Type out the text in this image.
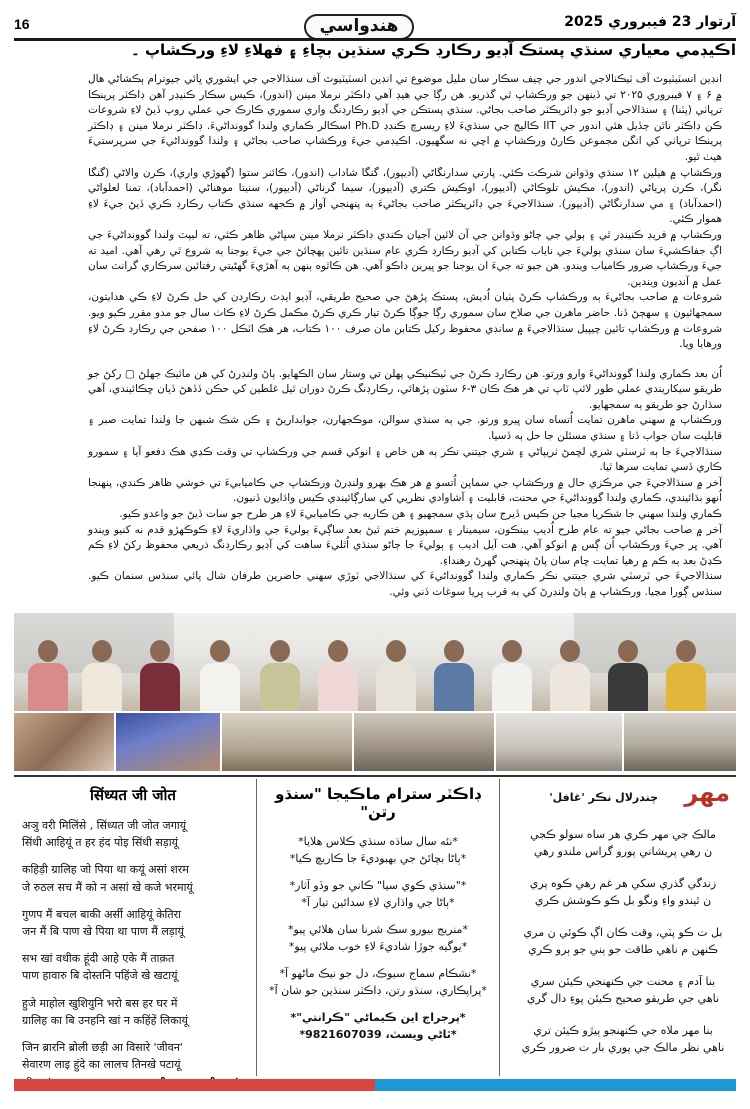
16	هندواسي	آرتوار 23 فيبروري 2025
اڪيڊمي معياري سنڌي پستڪ آڊيو رڪارڊ ڪري سنڌين بچاءِ ۽ فهلاءِ لاءِ ورڪشاپ ۔

انڊين انسٽيٽيوٽ آف ٽيڪنالاجي اندور جي چيف سڪار سان مليل موضوع تي انڊين انسٽيٽيوٽ آف سنڌالاجي جي ايشوري ڀائي جيوترام ٻڪشاڻي هال ۾ ۶ ۽ ۷ فيبروري ۲۰۲۵ تي ڏينهن جو ورڪشاپ ٿي گذريو. هن رڳا جي هيڊ آهي ڊاڪٽر نرملا مينن (اندور)، ڪيس سڪار ڪنيڊر آهن ڊاڪٽر پرينڪا ترپاٺي (پٽنا) ۽ سنڌالاجي آڊيو جو ڊائريڪٽر صاحب بجاڻي. سنڌي پستڪن جي آڊيو رڪارڊنگ واري سموري ڪارڪ جي عملي روپ ڏيڻ لاءِ شروعات ڪن ڊاڪٽر ناٿن ڄڏيل هئي اندور جي IIT ڪاليج جي سنڌيءَ لاءِ ريسرچ ڪنڊڊ Ph.D اسڪالر ڪماري ولندا گوونداڻيءَ. ڊاڪٽر نرملا مينن ۽ ڊاڪٽر پرينڪا ترپاٺي کي انگن مجموعن ڪارڻ ورڪشاپ ۾ اچي نه سگهيون. اڪيڊمي جيءَ ورڪشاپ صاحب بجاڻي ۽ ولندا گوونداڻيءَ جي سرپرستيءَ هيٺ ٿيو.

ورڪشاپ ۾ هيلين ۱۲ سنڌي وڌوانن شرڪت ڪئي. پارتي سدارنگاڻي (آديپور)، گنگا شاداب (اندور)، ڪائنر ستوا (گهوڙي واري)، ڪرن والاڻي (گنگا نگر)، ڪرن پرياڻي (اندور)، مڪيش تلوڪاڻي (آديپور)، اوڪيش ڪتري (آديپور)، سيما گرناڻي (آديپور)، سنيتا موهناڻي (احمدآباد)، تمنا لعلواڻي (احمدآباد) ۽ مي سدارنگاڻي (آديپور). سنڌالاجيءَ جي ڊائريڪٽر صاحب بجاڻيءَ ٻه پنهنجي آواز ۾ ڪجهه سنڌي ڪتاب رڪارڊ ڪري ڏيڻ جيءَ لاءِ هموار ڪئي.

ورڪشاپ ۾ فريڊ ڪنينڊر ٿي ۽ ٻولي جي ڄاڻو وڌوانن جي آن لائين آجيان ڪندي ڊاڪٽر نرملا مينن سڀاڻي ظاهر ڪئي، ته ليپٽ ولندا گوونداڻيءَ جي اڳ جفاڪشيءَ سان سنڌي ٻوليءَ جي ناياب ڪتابن کي آڊيو رڪارڊ ڪري عام سنڌين تائين پهچائڻ جي جيءَ يوجنا ٻه شروع ٿي رهي آهي. اميد ته جيءَ ورڪشاپ ضرور ڪامياب ويندو. هن جيو ته جيءَ ان يوجنا جو ڀيرين ڊاڪو آهي. هن ڪاٿوه ٻنهن ٻه آهڙيءَ گهڻيتي رفتائين سرڪاري گرانٽ سان عمل ۾ آنديون ويندين.

شروعات ۾ صاحب بجاڻيءَ ٻه ورڪشاپ ڪرڻ پٺيان اُديش، پستڪ پڙهڻ جي صحيح طريقي، آڊيو ايڊٽ رڪارڊن کي حل ڪرڻ لاءِ ڪي هدايتون، سمجهائيون ۽ سهڄڻ ڏنا. حاضر ماهرن جي صلاح سان سموري رڳا جوڳا ڪرڻ تيار ڪري ڪرڻ مڪمل ڪرڻ لاءِ ڪاٺ سال جو مدو مقرر ڪيو ويو. شروعات ۾ ورڪشاپ تائين چيپيل سنڌالاجيءَ ۾ سانڊي محفوظ رکيل ڪتابن مان صرف ۱۰۰ ڪتاب، هر هڪ اٽڪل ۱۰۰ صفحن جي رڪارڊ ڪرڻ لاءِ ورهايا ويا.

اُن بعد ڪماري ولندا گوونداڻيءَ وارو ورتو. هن رڪارڊ ڪرڻ جي ٽيڪنيڪي پهلن تي وستار سان الڪهايو. ٻاڻ ولنڊرڻ کي هن مائيڪ جهلڻ ▢ رکڻ جو طريقو سيکاريندي عملي طور لائپ ٽاپ تي هر هڪ ڪان ۳-۶ سٽون پڙهائي، رڪارڊنگ ڪرڻ دوران ٿيل غلطين کي حڪن ڏڏهڻ ڏيان ڇڪائيندي، آهي سڌارڻ جو طريقو ٻه سمجهايو.

ورڪشاپ ۾ سهني ماهرن تمايت اُتساه سان ڀيرو ورتو. جي ٻه سنڌي سوالن، موڪجهارن، جوابداريڻ ۽ ڪن شڪ شبهن جا ولندا تمايت صبر ۽ قابليت سان جواب ڏنا ۽ سنڌي مسئلن جا حل ٻه ڏسيا.

سنڌالاجيءَ جا ٻه ٽرسٽي شري لڇمڻ ٺريپاڻي ۽ شري جيتني نڪر ٻه هن خاص ۽ انوکي قسم جي ورڪشاپ تي وقت ڪڍي هڪ دفعو آيا ۽ سمورو ڪاري ڏسي تمايت سرها ٿيا.

آخر ۾ سنڌالاجيءَ جي مرڪزي حال ۾ ورڪشاپ جي سماپن اُتسو ۾ هر هڪ بهرو ولنڊرڻ ورڪشاپ جي ڪاميابيءَ تي خوشي ظاهر ڪندي، پنهنجا اُنهو بڌائيندي، ڪماري ولندا گوونداڻيءَ جي محنت، قابليت ۽ آشاوادي نظريي کي سارڳائيندي ڪيس واڌايون ڏنيون.

ڪماري ولندا سهني جا شڪريا مڃيا جن ڪيس ڏيرج سان ٻڌي سمجهيو ۽ هن ڪاريه جي ڪاميابيءَ لاءِ هر طرح جو سات ڏيڻ جو واعدو ڪيو.

آخر ۾ صاحب بجاڻي جيو ته عام طرح اُديپ بينڪون، سيمينار ۽ سمپوزيم ختم ٿيڻ بعد ساڳيءَ ٻوليءَ جي واڌاريءَ لاءِ ڪوڪهڙو قدم نه کنيو ويندو آهي. ڀر جيءَ ورڪشاپ اُن ڳس ۾ انوکو آهي. هت آيل اديب ۽ ٻوليءَ جا ڄاڻو سنڌي اُٿليءَ ساهت کي آڊيو رڪارڊنگ ذريعي محفوظ رکڻ لاءِ ڪم ڪڍڻ بعد ٻه ڪم ۾ رهيا تمايت ڇام سان پاڻ پنهنجي گهرڻ رهنداءِ.

سنڌالاجيءَ جي ٽرسٽي شري جيتني نڪر ڪماري ولندا گوونداڻيءَ کي سنڌالاجي ٽوڙي سهني حاضرين طرفان شال پائي سنڌس سنمان ڪيو. سنڌس ڳورا مڃيا. ورڪشاپ ۾ ٻاڻ ولنڊرڻ کي ٻه قرب ڀريا سوغات ڏني وئي.

सिंध्यत जी जोत
अञु वरी मिलिंसे , सिंध्यत जी जोत जगायूं
सिंधी आहियूं त हर हंद पोइ सिंधी सड़ायूं
कहिड़ी ग्रालिह जो पिया था कयूं असां शरम
जे रुठल सच मैं को न असां खे कजे भरमायूं
गुणप मैं बचल बाकी अर्सी आहियूं केतिरा
जन मैं बि पाण खे पिया था पाण मैं लड़ायूं
सभ खां वधीक हूंदी आहे एके मैं ताक़त
पाण हावारु बि दोस्तनि पहिंजे खे खटायूं
हुजे माहोल खुशियुनि भरो बस हर घर में
ग्रालिह का बि उनहनि खां न कहिंहें लिकायूं
जिन ब्रारनि ब्रोली छड़ी आ विसारे 'जीवन'
सेवारण लाइ हुंदे का लालच तिनखे पटायूं
ڊاڪٽر سترام ماڪيجا "سنڌو رتن"
*نئه سال ساڌه سنڌي ڪلاس هلايا*
*ٻاڻا بچائڻ جي بهبوديءَ جا ڪاريچ ڪيا*
*"سنڌي ڪوي سيا" ڪاني جو وڏو آثار*
*ٻاڻا جي واڌاري لاءِ سدائين تيار آ*
*منريج بيورو سڪ شرنا سان هلائي پيو*
*يوگيه جوڙا شاديءَ لاءِ خوب ملائي پيو*
*نشڪام سماج سيوڪ، دل جو نيڪ ماڻهو آ*
*پراپڪاري، سنڌو رتن، ڊاڪٽر سنڌين جو شان آ*
*پرجراج اين ڪيماڻي "ڪرانتي"*
*ٿاڻي ويسٽ، 9821607039*
مهر
چندرلال نڪر 'غافل'
مالڪ جي مهر ڪري هر ساه سولو ڪجي
ن رهي پريشاني پورو گراس ملندو رهي
زندگي گذري سکي هر غم رهي ڪوه پري
ن ٿيندو واءِ ونگو بل ڪو ڪوشش ڪري
بل ت ڪو پٽي، وقت ڪان اڳ ڪوئي ن مري
ڪنهن م ناهي طاقت جو ٻني جو ٻرو ڪري
بنا آدم ۽ محنت جي ڪنهنجي ڪيئن سري
ناهي جي طريقو صحيح ڪيئن پوءِ دال گري
بنا مهر ملاه جي ڪنهنجو ٻيڙو ڪيئن تري
ناهي نظر مالڪ جي پوري بار ت ضرور ڪري
